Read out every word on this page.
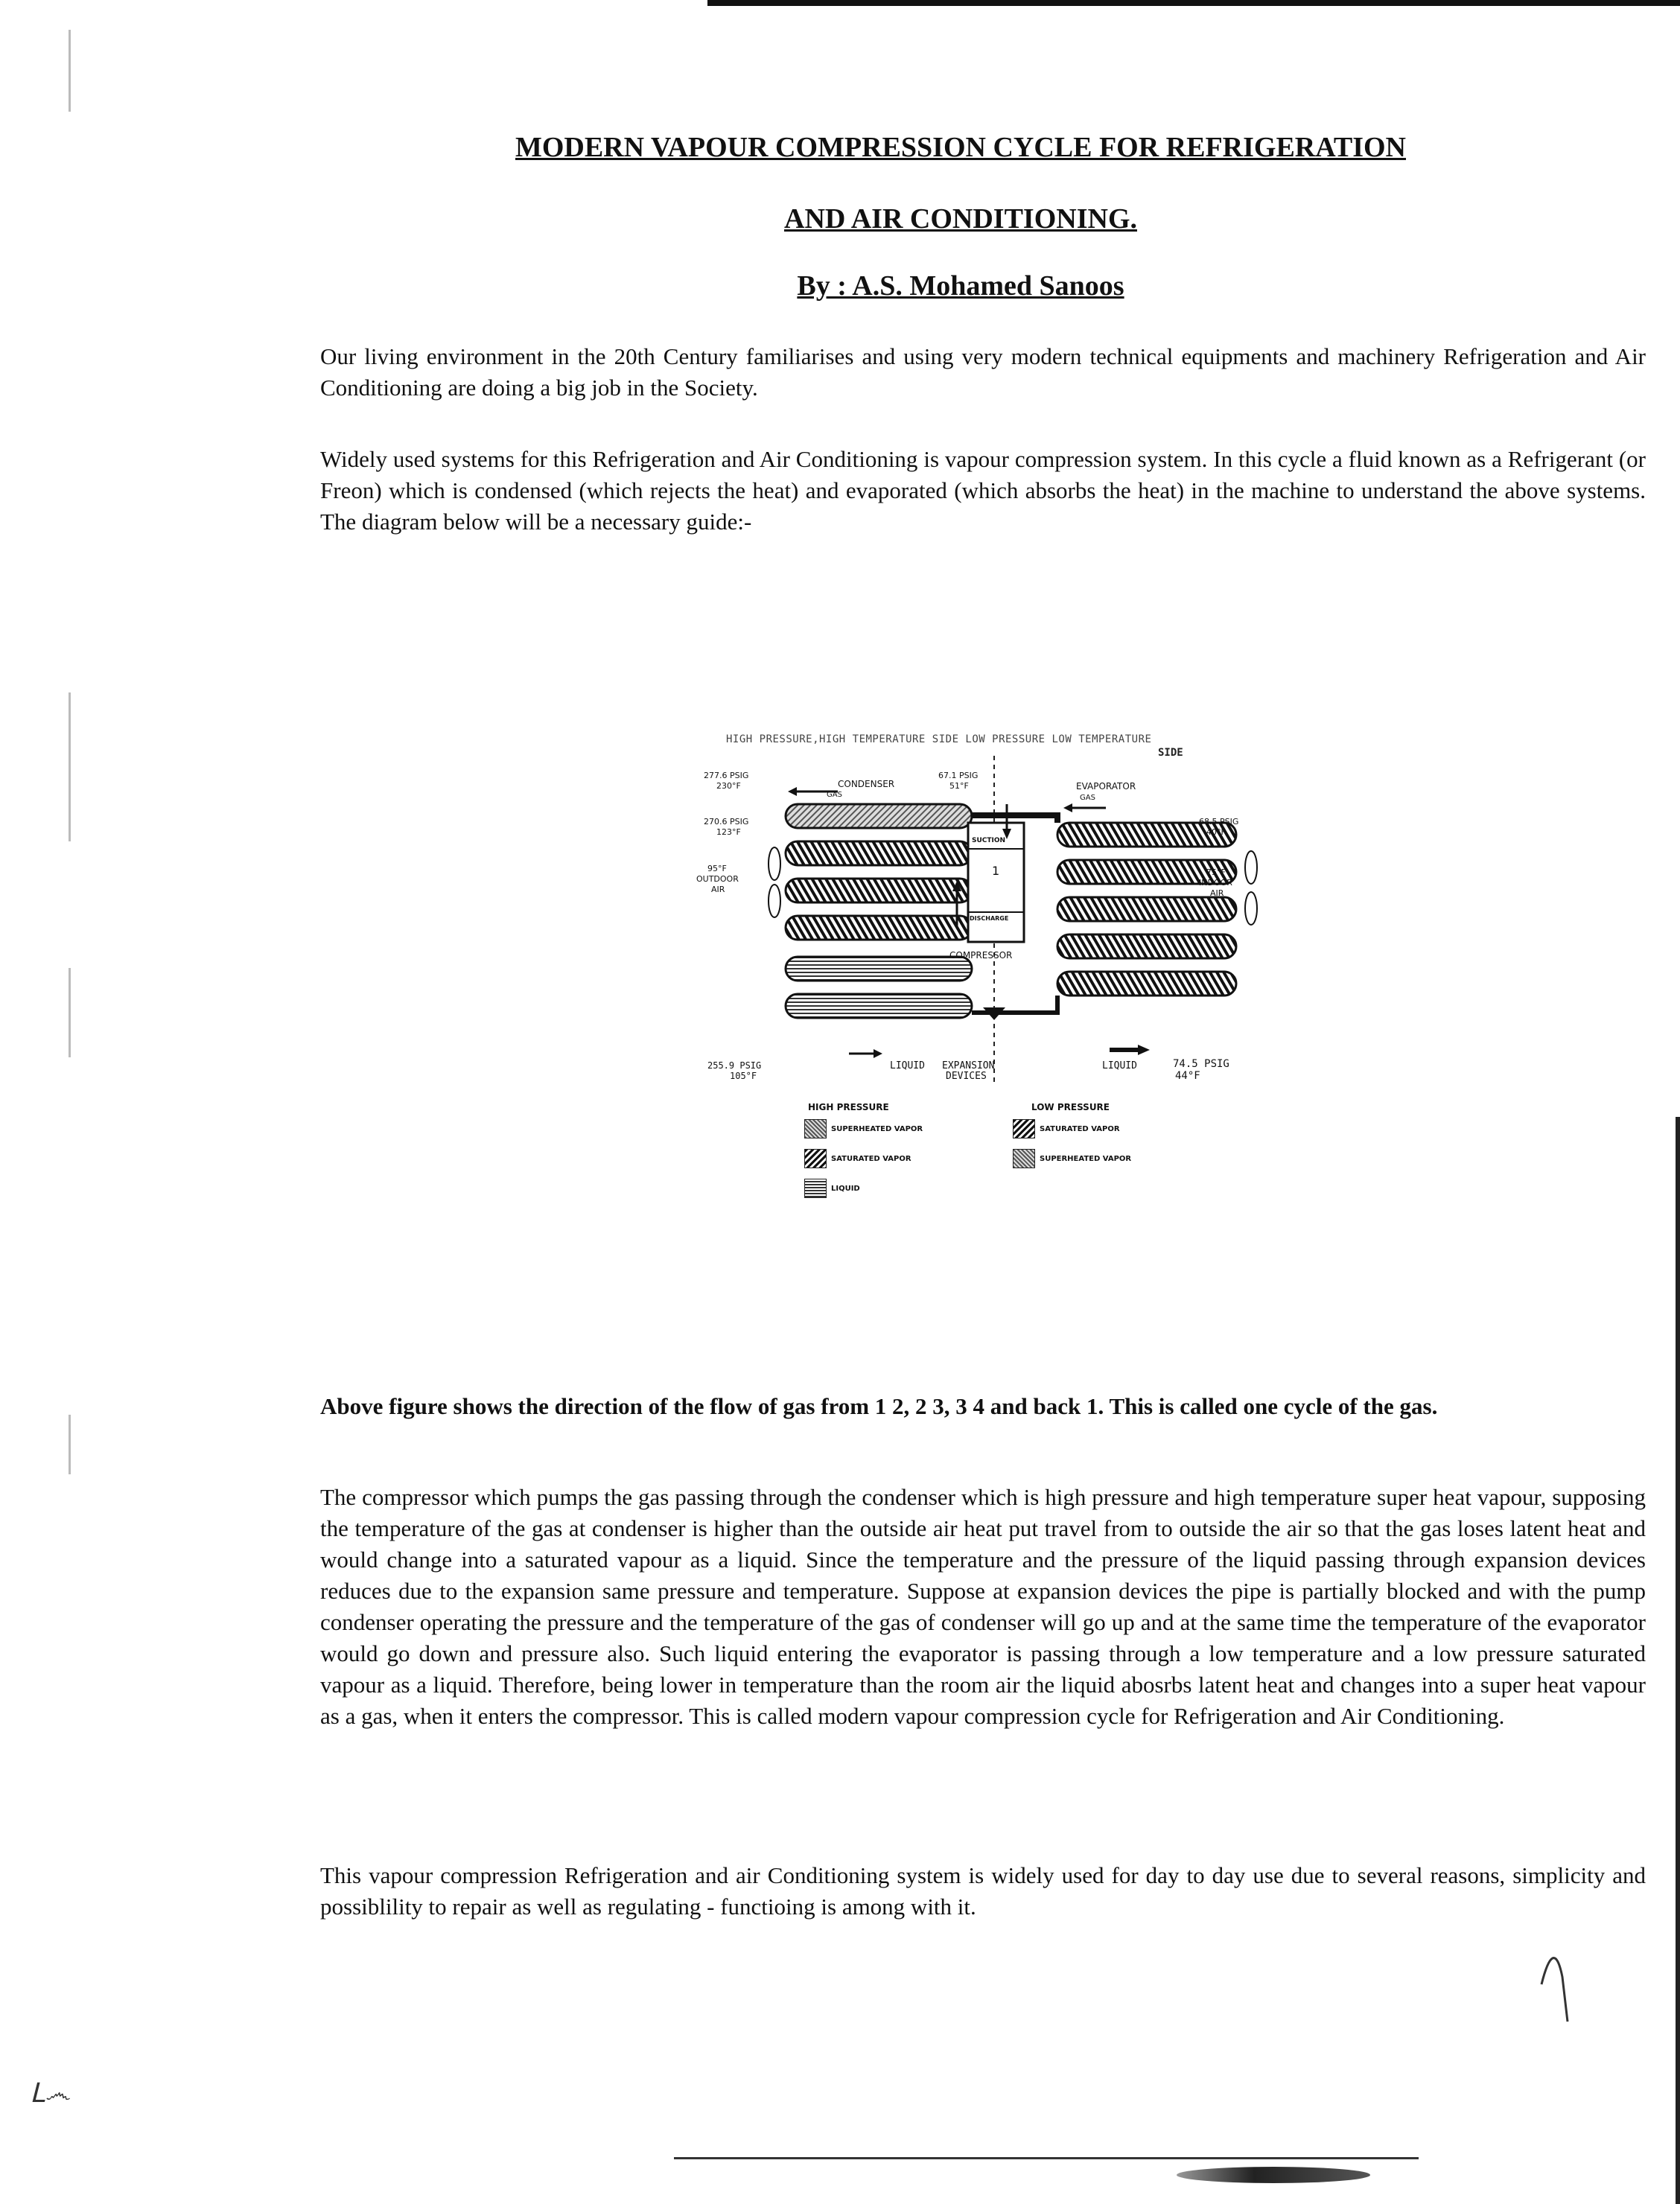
ᒪ෴
MODERN VAPOUR COMPRESSION CYCLE FOR REFRIGERATION
AND AIR CONDITIONING.
By : A.S. Mohamed Sanoos

Our living environment in the 20th Century familiarises and using very modern technical equipments and machinery Refrigeration and Air Conditioning are doing a big job in the Society.

Widely used systems for this Refrigeration and Air Conditioning is vapour compression system. In this cycle a fluid known as a Refrigerant (or Freon) which is condensed (which rejects the heat) and evaporated (which absorbs the heat) in the machine to understand the above systems. The diagram below will be a necessary guide:-

HIGH PRESSURE,HIGH TEMPERATURE SIDE LOW PRESSURE LOW TEMPERATURE
SIDE
CONDENSER
GAS
EVAPORATOR
GAS
SUCTION
1
DISCHARGE
COMPRESSOR
277.6 PSIG
230°F
270.6 PSIG
123°F
67.1 PSIG
51°F
68.5 PSIG
40°F
95°F
OUTDOOR
AIR
75°F
INDOOR
AIR
255.9 PSIG
105°F
LIQUID EXPANSION
DEVICES
LIQUID	74.5 PSIG
44°F
HIGH PRESSURE	LOW PRESSURE
SUPERHEATED VAPOR
SATURATED VAPOR
LIQUID
SATURATED VAPOR
SUPERHEATED VAPOR

Above figure shows the direction of the flow of gas from 1 2, 2 3, 3 4 and back 1. This is called one cycle of the gas.

The compressor which pumps the gas passing through the condenser which is high pressure and high temperature super heat vapour, supposing the temperature of the gas at condenser is higher than the outside air heat put travel from to outside the air so that the gas loses latent heat and would change into a saturated vapour as a liquid. Since the temperature and the pressure of the liquid passing through expansion devices reduces due to the expansion same pressure and temperature. Suppose at expansion devices the pipe is partially blocked and with the pump condenser operating the pressure and the temperature of the gas of condenser will go up and at the same time the temperature of the evaporator would go down and pressure also. Such liquid entering the evaporator is passing through a low temperature and a low pressure saturated vapour as a liquid. Therefore, being lower in temperature than the room air the liquid abosrbs latent heat and changes into a super heat vapour as a gas, when it enters the compressor. This is called modern vapour compression cycle for Refrigeration and Air Conditioning.

This vapour compression Refrigeration and air Conditioning system is widely used for day to day use due to several reasons, simplicity and possiblility to repair as well as regulating - functioing is among with it.
